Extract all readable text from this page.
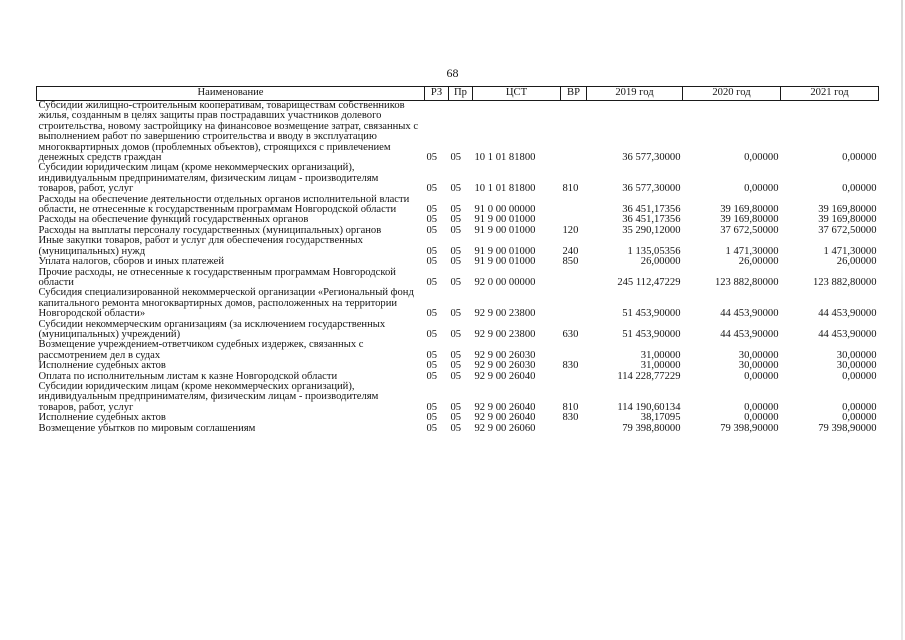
68
Наименование	РЗ	Пр	ЦСТ	ВР	2019 год	2020 год	2021 год
Субсидии жилищно-строительным кооперативам, товариществам собственников жилья, созданным в целях защиты прав пострадавших участников долевого строительства, новому застройщику на финансовое возмещение затрат, связанных с выполнением работ по завершению строительства и вводу в эксплуатацию многоквартирных домов (проблемных объектов), строящихся с привлечением денежных средств граждан	05	05	10 1 01 81800		36 577,30000	0,00000	0,00000
Субсидии юридическим лицам (кроме некоммерческих организаций), индивидуальным предпринимателям, физическим лицам - производителям товаров, работ, услуг	05	05	10 1 01 81800	810	36 577,30000	0,00000	0,00000
Расходы на обеспечение деятельности отдельных органов исполнительной власти области, не отнесенные к государственным программам Новгородской области	05	05	91 0 00 00000		36 451,17356	39 169,80000	39 169,80000
Расходы на обеспечение функций государственных органов	05	05	91 9 00 01000		36 451,17356	39 169,80000	39 169,80000
Расходы на выплаты персоналу государственных (муниципальных) органов	05	05	91 9 00 01000	120	35 290,12000	37 672,50000	37 672,50000
Иные закупки товаров, работ и услуг для обеспечения государственных (муниципальных) нужд	05	05	91 9 00 01000	240	1 135,05356	1 471,30000	1 471,30000
Уплата налогов, сборов и иных платежей	05	05	91 9 00 01000	850	26,00000	26,00000	26,00000
Прочие расходы, не отнесенные к государственным программам Новгородской области	05	05	92 0 00 00000		245 112,47229	123 882,80000	123 882,80000
Субсидия специализированной некоммерческой организации «Региональный фонд капитального ремонта многоквартирных домов, расположенных на территории Новгородской области»	05	05	92 9 00 23800		51 453,90000	44 453,90000	44 453,90000
Субсидии некоммерческим организациям (за исключением государственных (муниципальных) учреждений)	05	05	92 9 00 23800	630	51 453,90000	44 453,90000	44 453,90000
Возмещение учреждением-ответчиком судебных издержек, связанных с рассмотрением дел в судах	05	05	92 9 00 26030		31,00000	30,00000	30,00000
Исполнение судебных актов	05	05	92 9 00 26030	830	31,00000	30,00000	30,00000
Оплата по исполнительным листам к казне Новгородской области	05	05	92 9 00 26040		114 228,77229	0,00000	0,00000
Субсидии юридическим лицам (кроме некоммерческих организаций), индивидуальным предпринимателям, физическим лицам - производителям товаров, работ, услуг	05	05	92 9 00 26040	810	114 190,60134	0,00000	0,00000
Исполнение судебных актов	05	05	92 9 00 26040	830	38,17095	0,00000	0,00000
Возмещение убытков по мировым соглашениям	05	05	92 9 00 26060		79 398,80000	79 398,90000	79 398,90000
